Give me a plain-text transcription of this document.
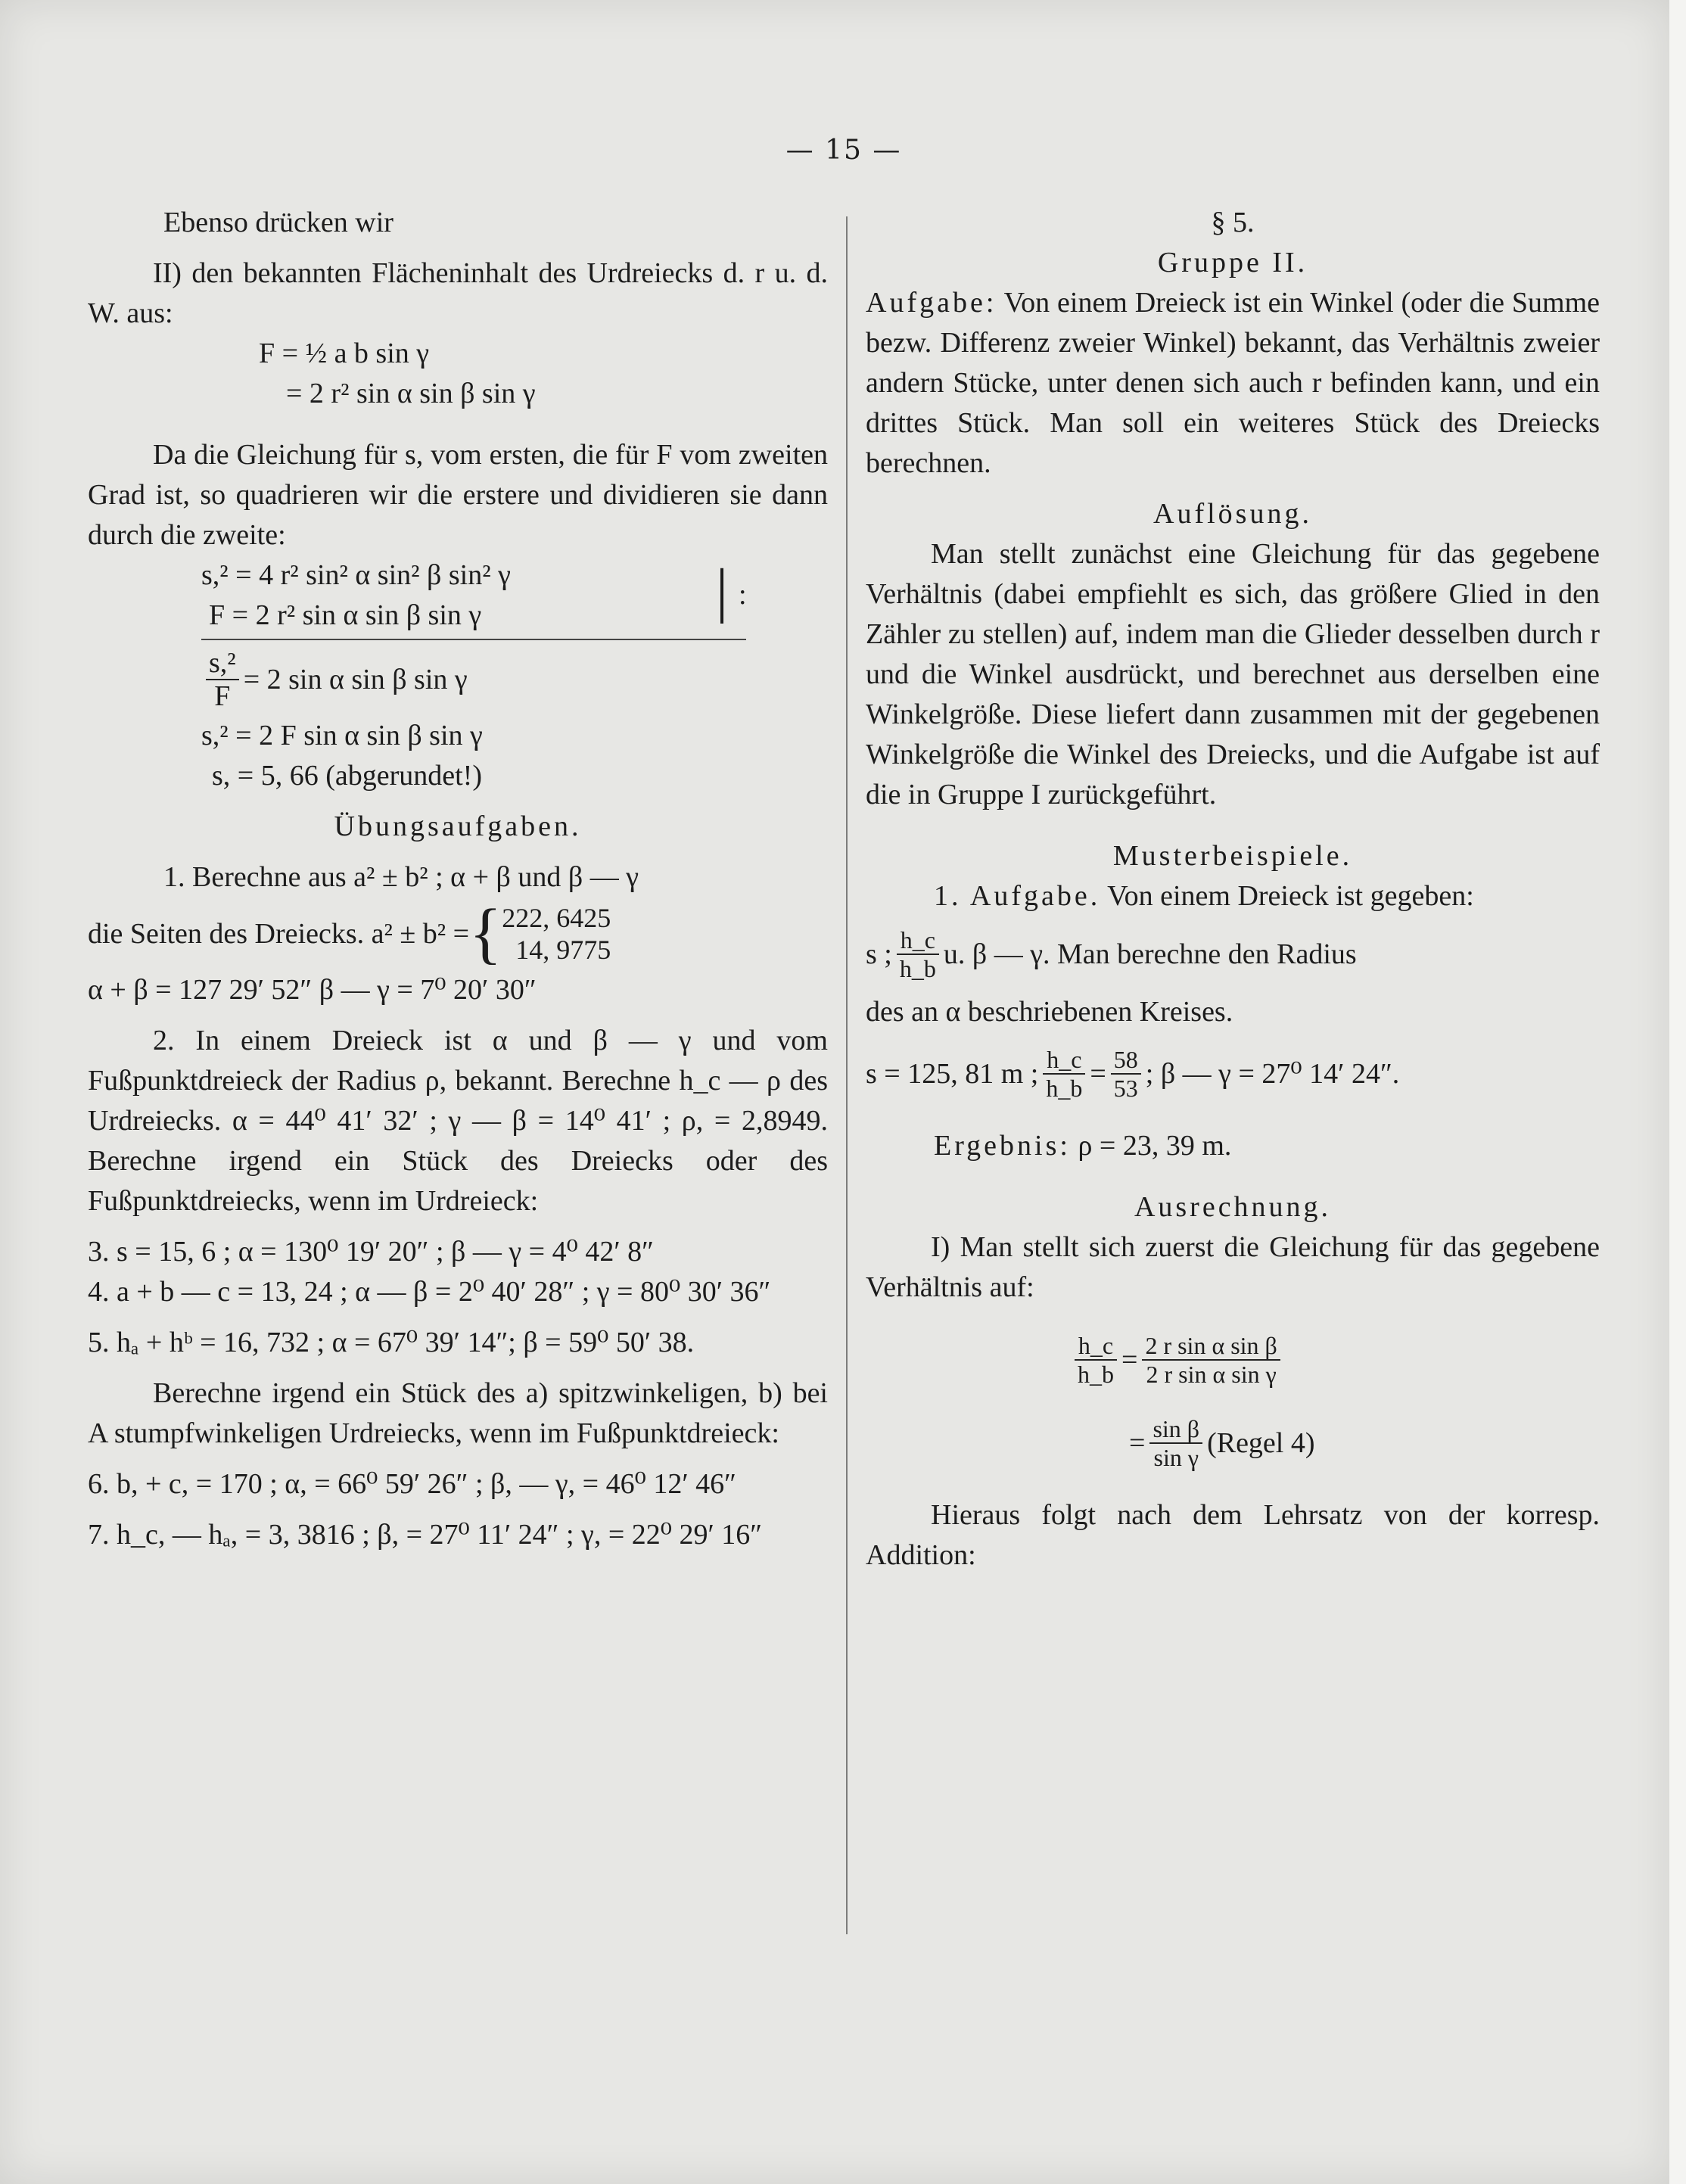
— 15 —

Ebenso drücken wir

II) den bekannten Flächeninhalt des Urdreiecks d. r u. d. W. aus:

F = ½ a b sin γ

= 2 r² sin α sin β sin γ

Da die Gleichung für s, vom ersten, die für F vom zweiten Grad ist, so quadrieren wir die erstere und dividieren sie dann durch die zweite:

s,² = 4 r² sin² α sin² β sin² γ
F = 2 r² sin α sin β sin γ	| :
$\frac{\text{s,²}}{F} = 2$ sin α sin β sin γ

s,² = 2 F sin α sin β sin γ

s, = 5, 66 (abgerundet!)

Übungsaufgaben.

1. Berechne aus a² ± b² ; α + β und β — γ

die Seiten des Dreiecks. a² ± b² = { 222, 6425
14, 9775

α + β = 127 29′ 52″ β — γ = 7⁰ 20′ 30″

2. In einem Dreieck ist α und β — γ und vom Fußpunktdreieck der Radius ρ, bekannt. Berechne h_c — ρ des Urdreiecks. α = 44⁰ 41′ 32′ ; γ — β = 14⁰ 41′ ; ρ, = 2,8949. Berechne irgend ein Stück des Dreiecks oder des Fußpunktdreiecks, wenn im Urdreieck:

3. s = 15, 6 ; α = 130⁰ 19′ 20″ ; β — γ = 4⁰ 42′ 8″

4. a + b — c = 13, 24 ; α — β = 2⁰ 40′ 28″ ; γ = 80⁰ 30′ 36″

5. hₐ + hᵇ = 16, 732 ; α = 67⁰ 39′ 14″; β = 59⁰ 50′ 38.

Berechne irgend ein Stück des a) spitzwinkeligen, b) bei A stumpfwinkeligen Urdreiecks, wenn im Fußpunktdreieck:

6. b, + c, = 170 ; α, = 66⁰ 59′ 26″ ; β, — γ, = 46⁰ 12′ 46″

7. h_c, — hₐ, = 3, 3816 ; β, = 27⁰ 11′ 24″ ; γ, = 22⁰ 29′ 16″

§ 5.

Gruppe II.

Aufgabe: Von einem Dreieck ist ein Winkel (oder die Summe bezw. Differenz zweier Winkel) bekannt, das Verhältnis zweier andern Stücke, unter denen sich auch r befinden kann, und ein drittes Stück. Man soll ein weiteres Stück des Dreiecks berechnen.

Auflösung.

Man stellt zunächst eine Gleichung für das gegebene Verhältnis (dabei empfiehlt es sich, das größere Glied in den Zähler zu stellen) auf, indem man die Glieder desselben durch r und die Winkel ausdrückt, und berechnet aus derselben eine Winkelgröße. Diese liefert dann zusammen mit der gegebenen Winkelgröße die Winkel des Dreiecks, und die Aufgabe ist auf die in Gruppe I zurückgeführt.

Musterbeispiele.

1. Aufgabe. Von einem Dreieck ist gegeben:

s ; $\frac{h\_c}{h\_b} u$. β — γ. Man berechne den Radius

des an α beschriebenen Kreises.

s = 125, 81 m ; $\frac{h\_c}{h\_b} = \frac{58}{53}$ ; β — γ = 27⁰ 14′ 24″.

Ergebnis: ρ = 23, 39 m.

Ausrechnung.

I) Man stellt sich zuerst die Gleichung für das gegebene Verhältnis auf:

$\frac{h\_c}{h\_b} = \frac{\text{2 r sin α sin β}}{\text{2 r sin α sin γ}}$
= $\frac{\text{sin β}}{\text{sin γ}}$ (Regel 4)

Hieraus folgt nach dem Lehrsatz von der korresp. Addition:
